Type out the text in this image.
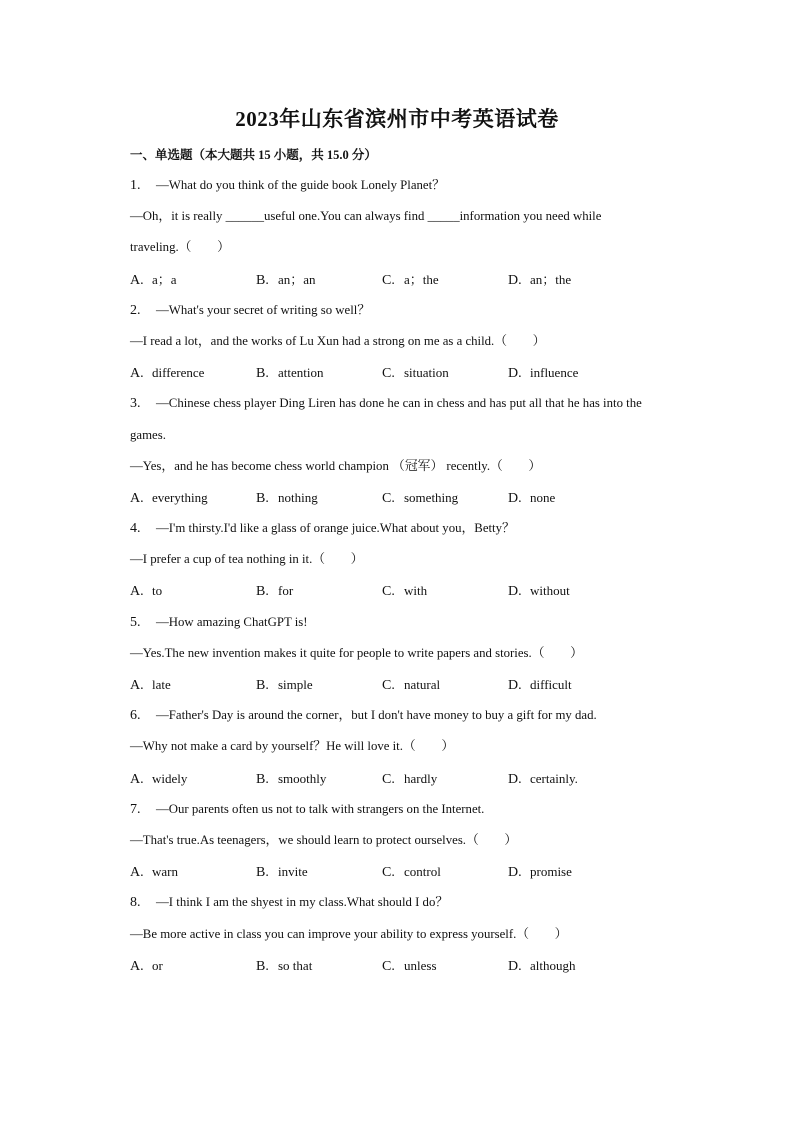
2023年山东省滨州市中考英语试卷
一、单选题（本大题共 15 小题，共 15.0 分）
1. —What do you think of the guide book Lonely Planet？
—Oh，it is really ______useful one.You can always find _____information you need while
traveling.（　　）
A. a；a	B. an；an	C. a；the	D. an；the
2. —What's your secret of writing so well？
—I read a lot，and the works of Lu Xun had a strong on me as a child.（　　）
A. difference	B. attention	C. situation	D. influence
3. —Chinese chess player Ding Liren has done he can in chess and has put all that he has into the
games.
—Yes，and he has become chess world champion （冠军） recently.（　　）
A. everything	B. nothing	C. something	D. none
4. —I'm thirsty.I'd like a glass of orange juice.What about you，Betty？
—I prefer a cup of tea nothing in it.（　　）
A. to	B. for	C. with	D. without
5. —How amazing ChatGPT is!
—Yes.The new invention makes it quite for people to write papers and stories.（　　）
A. late	B. simple	C. natural	D. difficult
6. —Father's Day is around the corner，but I don't have money to buy a gift for my dad.
—Why not make a card by yourself？He will love it.（　　）
A. widely	B. smoothly	C. hardly	D. certainly.
7. —Our parents often us not to talk with strangers on the Internet.
—That's true.As teenagers，we should learn to protect ourselves.（　　）
A. warn	B. invite	C. control	D. promise
8. —I think I am the shyest in my class.What should I do？
—Be more active in class you can improve your ability to express yourself.（　　）
A. or	B. so that	C. unless	D. although
